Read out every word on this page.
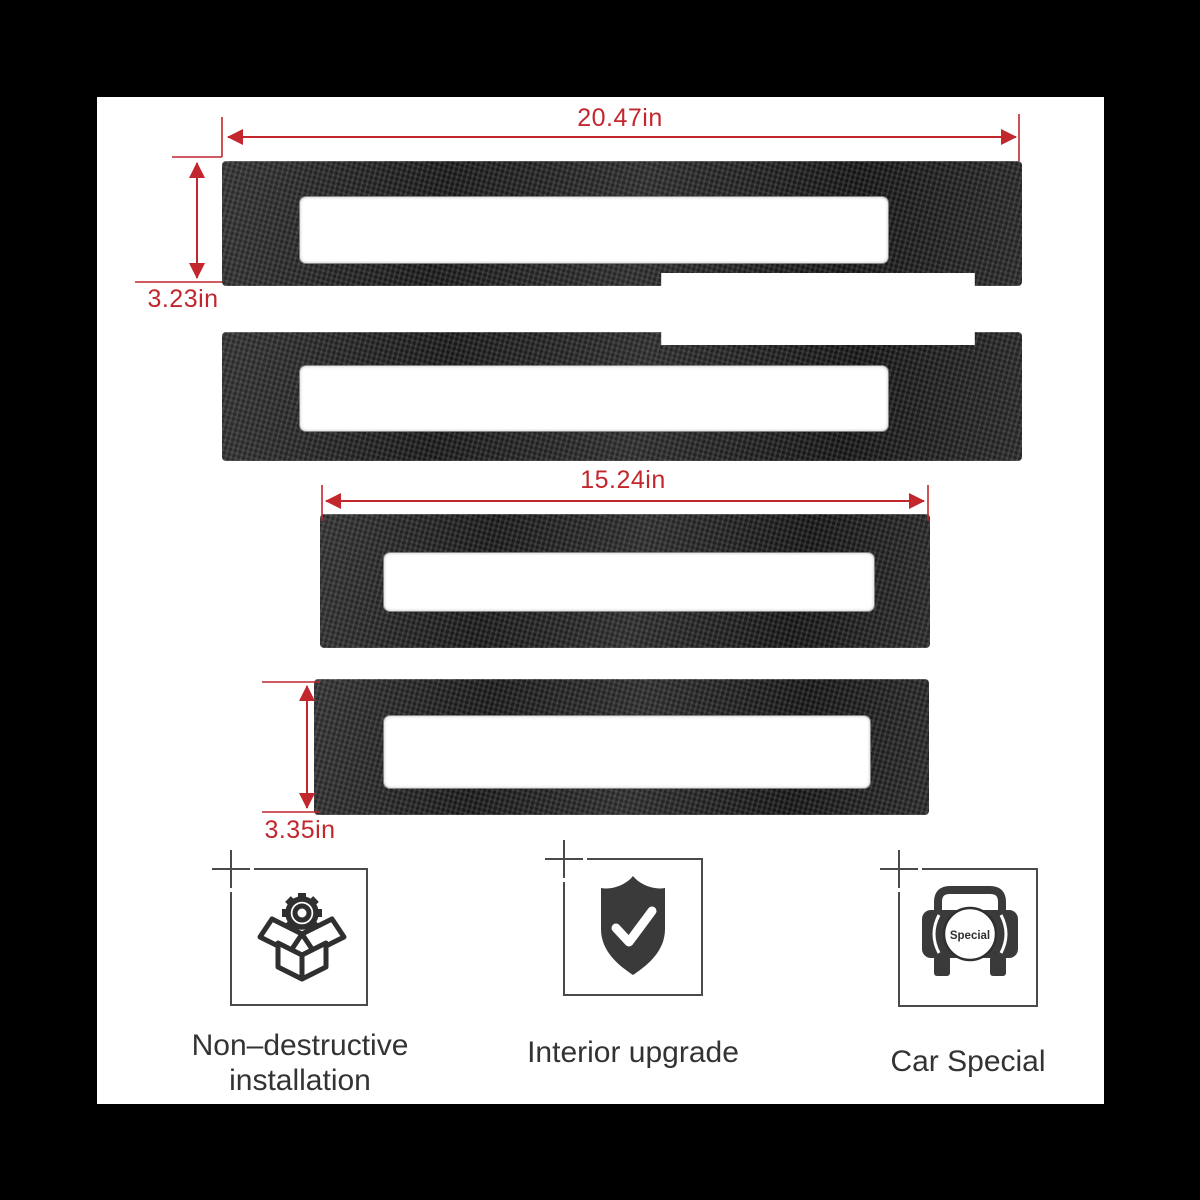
20.47in
3.23in
15.24in
3.35in
Special
Non–destructive
installation
Interior upgrade	Car Special
